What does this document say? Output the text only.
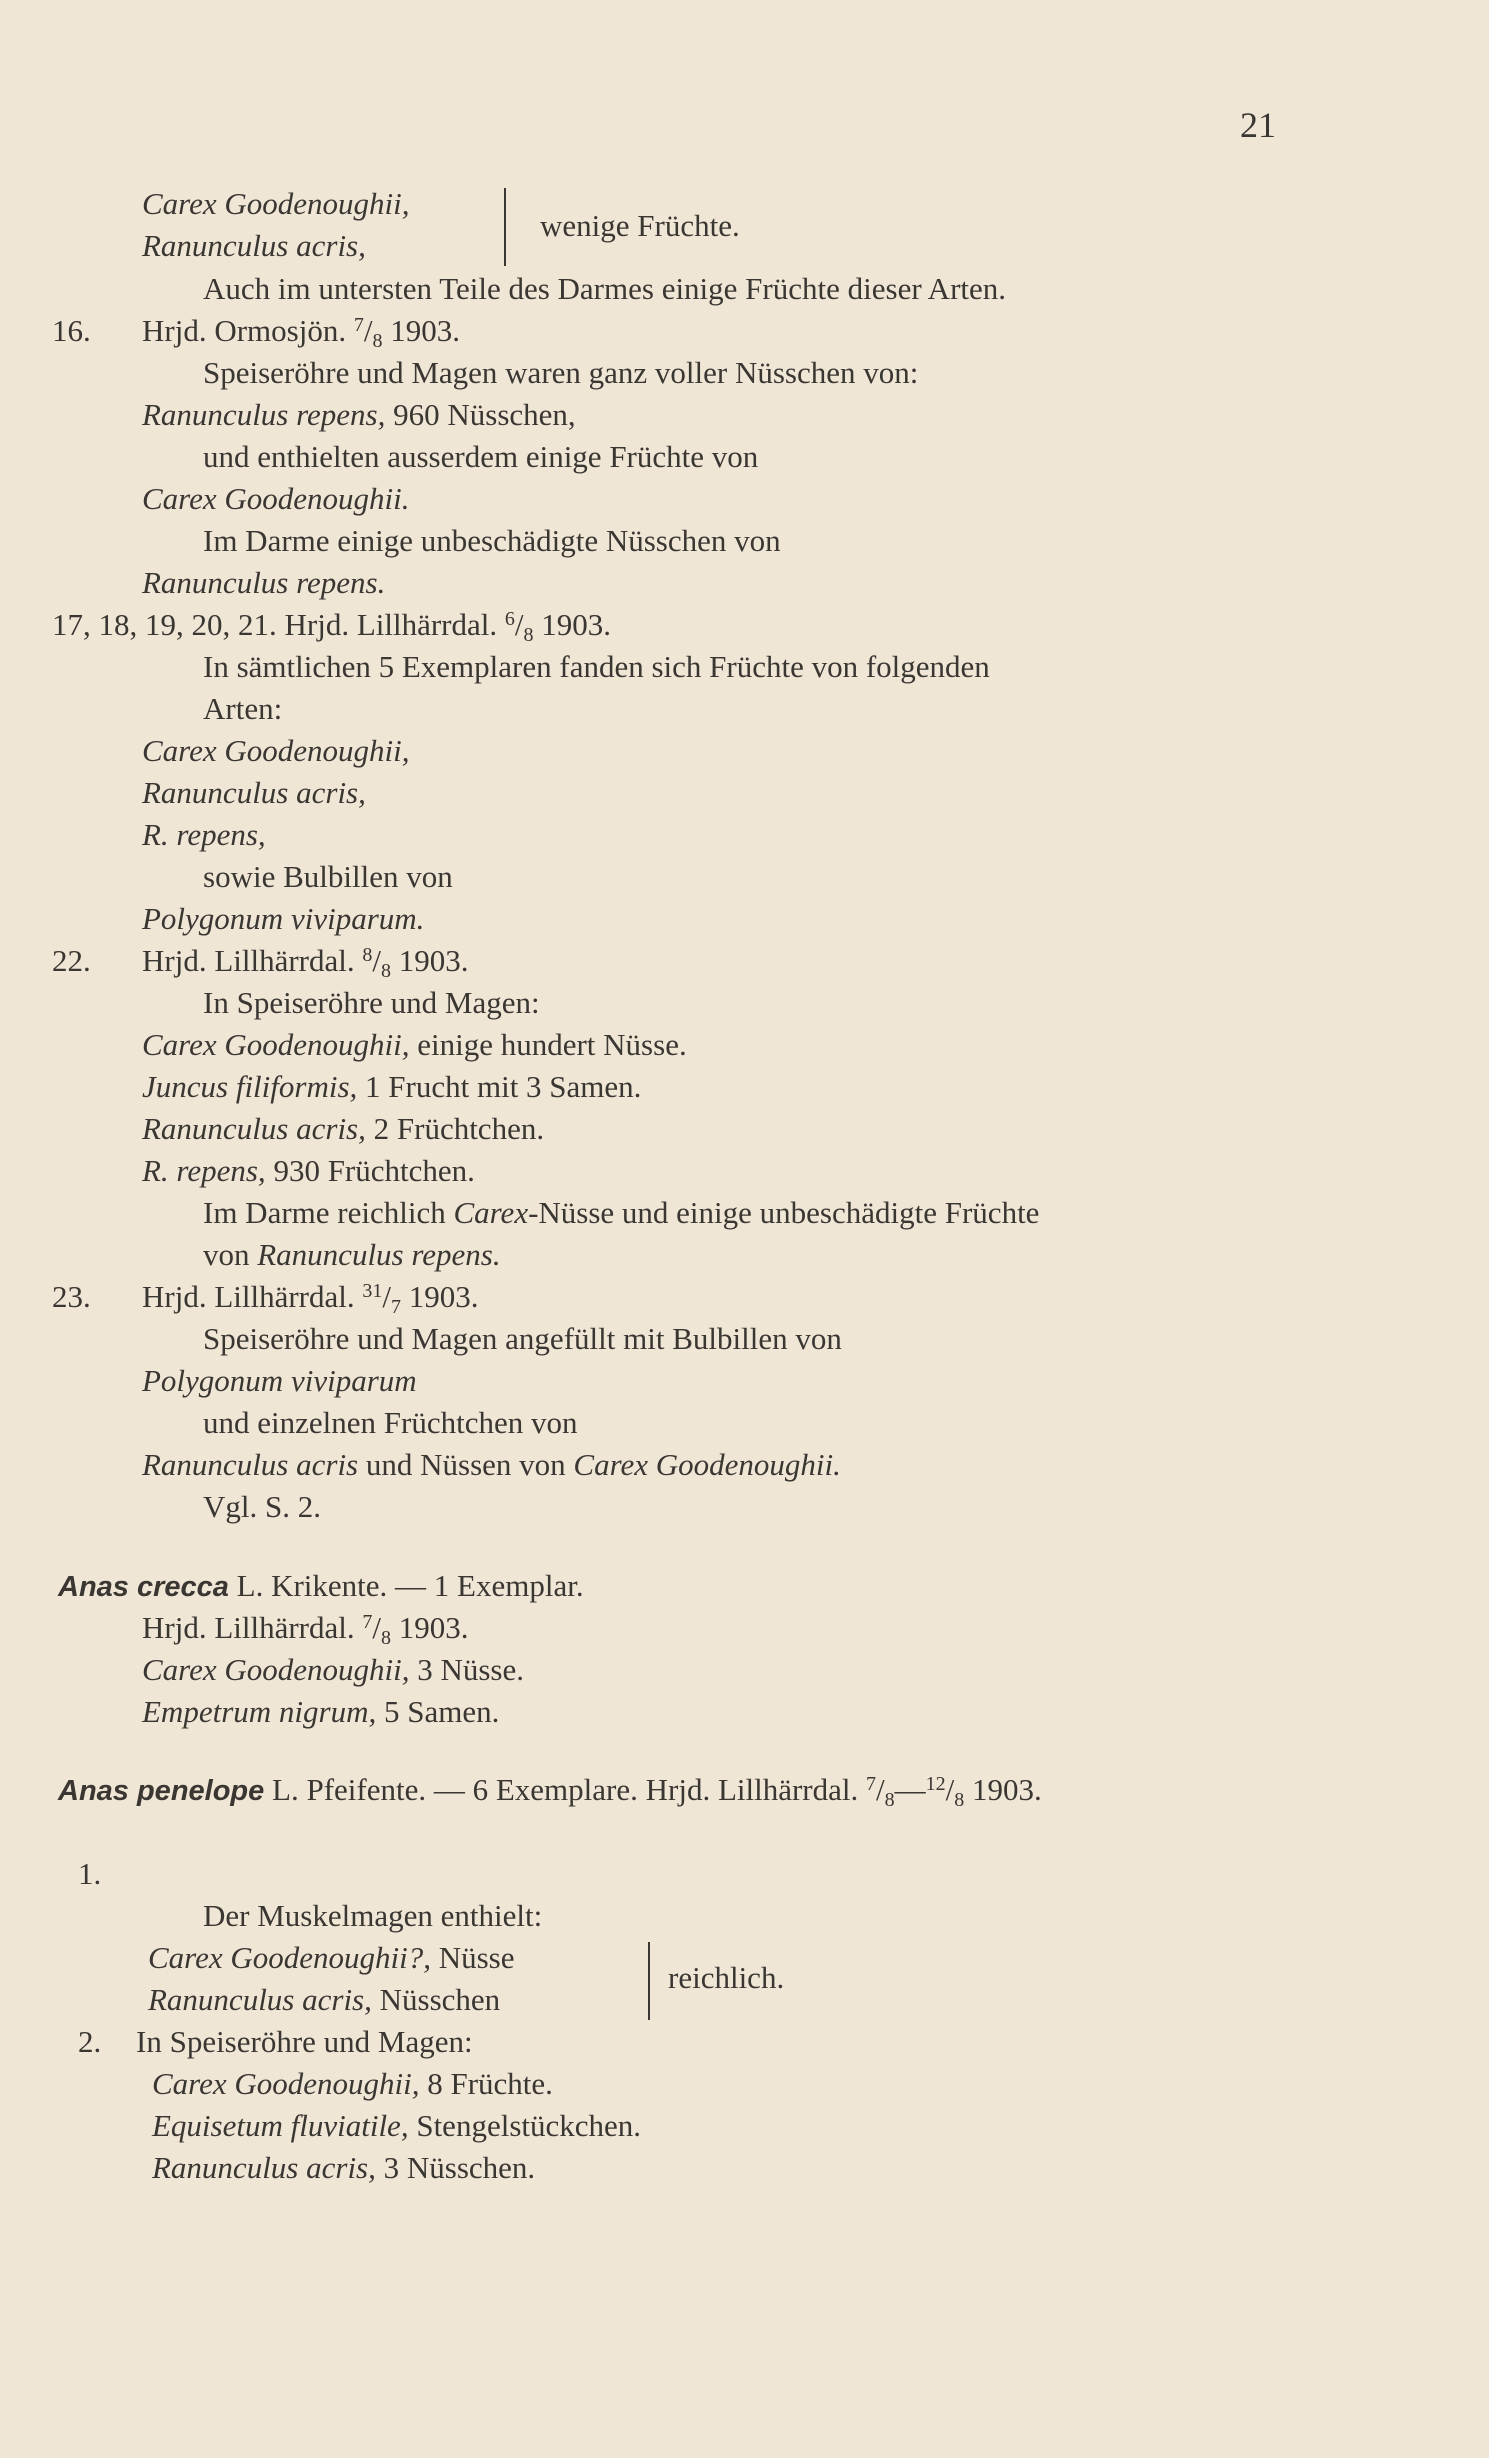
21
Carex Goodenoughii,
Ranunculus acris,
wenige Früchte.
Auch im untersten Teile des Darmes einige Früchte dieser Arten.
16. Hrjd. Ormosjön. $^7$/8 1903.
Speiseröhre und Magen waren ganz voller Nüsschen von:
Ranunculus repens, 960 Nüsschen,
und enthielten ausserdem einige Früchte von
Carex Goodenoughii.
Im Darme einige unbeschädigte Nüsschen von
Ranunculus repens.
17, 18, 19, 20, 21. Hrjd. Lillhärrdal. $^6$/8 1903.
In sämtlichen 5 Exemplaren fanden sich Früchte von folgenden
Arten:
Carex Goodenoughii,
Ranunculus acris,
R. repens,
sowie Bulbillen von
Polygonum viviparum.
22. Hrjd. Lillhärrdal. $^8$/8 1903.
In Speiseröhre und Magen:
Carex Goodenoughii, einige hundert Nüsse.
Juncus filiformis, 1 Frucht mit 3 Samen.
Ranunculus acris, 2 Früchtchen.
R. repens, 930 Früchtchen.
Im Darme reichlich Carex-Nüsse und einige unbeschädigte Früchte
von Ranunculus repens.
23. Hrjd. Lillhärrdal. $^{31}$/7 1903.
Speiseröhre und Magen angefüllt mit Bulbillen von
Polygonum viviparum
und einzelnen Früchtchen von
Ranunculus acris und Nüssen von Carex Goodenoughii.
Vgl. S. 2.
Anas crecca L. Krikente. — 1 Exemplar.
Hrjd. Lillhärrdal. $^7$/8 1903.
Carex Goodenoughii, 3 Nüsse.
Empetrum nigrum, 5 Samen.
Anas penelope L. Pfeifente. — 6 Exemplare. Hrjd. Lillhärrdal. $^7$/8—$^{12}$/8 1903.
1.
Der Muskelmagen enthielt:
Carex Goodenoughii?, Nüsse
Ranunculus acris, Nüsschen
reichlich.
2. In Speiseröhre und Magen:
Carex Goodenoughii, 8 Früchte.
Equisetum fluviatile, Stengelstückchen.
Ranunculus acris, 3 Nüsschen.
